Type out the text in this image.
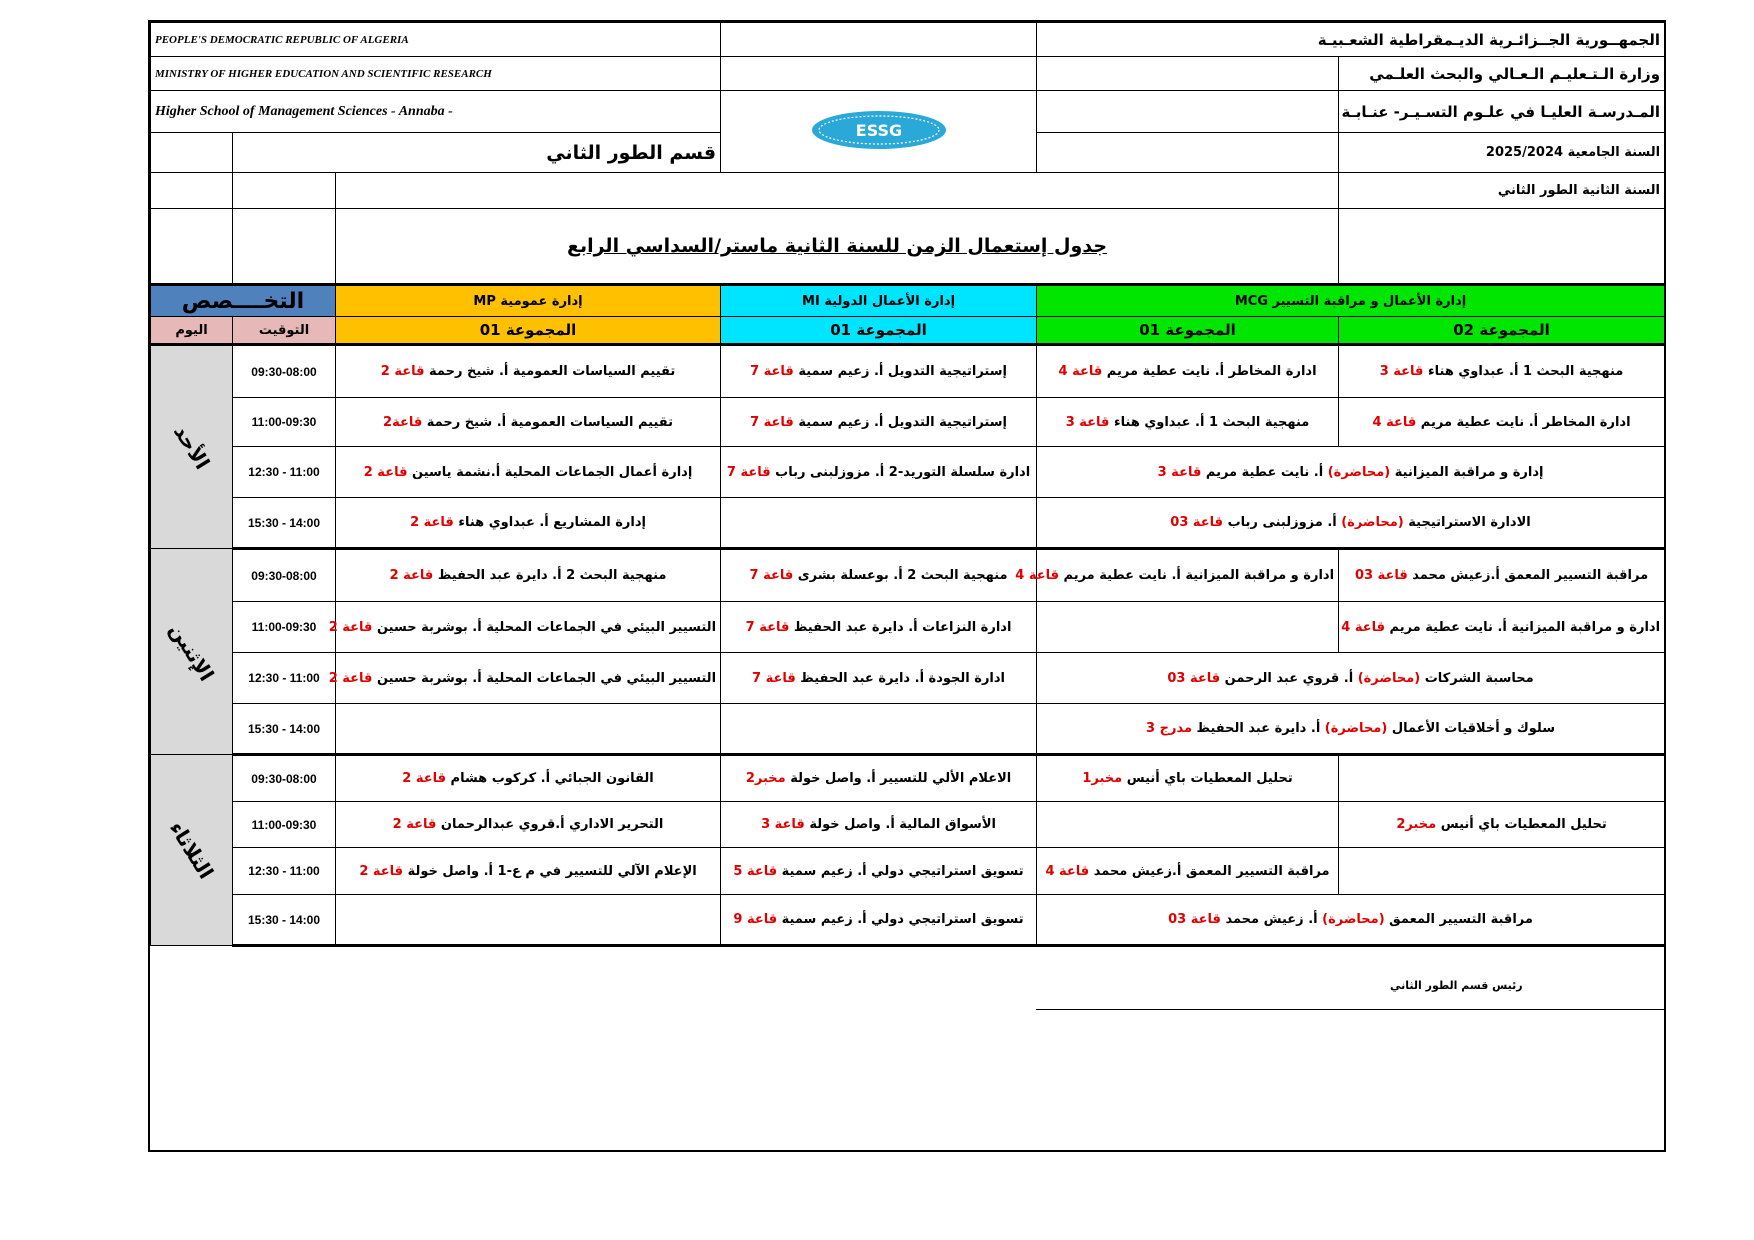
PEOPLE'S DEMOCRATIC REPUBLIC OF ALGERIA				الجمهــورية الجــزائـرية الديـمقراطية الشعـبيـة	
MINISTRY OF HIGHER EDUCATION AND SCIENTIFIC RESEARCH					وزارة الـتـعليـم الـعـالي والبحث العلـمي
Higher School of Management Sciences - Annaba -			ESSG		المـدرسـة العليـا في علـوم التسـيـر- عنـابـة
	قسم الطور الثاني				السنة الجامعية 2025/2024
					السنة الثانية الطور الثاني
		جدول إستعمال الزمن للسنة الثانية ماستر/السداسي الرابع			
التخــــصص		إدارة عمومية MP	إدارة الأعمال الدولية MI	إدارة الأعمال و مراقبة التسيير MCG	
اليوم	التوقيت	المجموعة 01	المجموعة 01	المجموعة 01	المجموعة 02
الأحد	09:30-08:00	تقييم السياسات العمومية أ. شيخ رحمة قاعة 2	إستراتيجية التدويل أ. زعيم سمية قاعة 7	ادارة المخاطر أ. نايت عطية مريم قاعة 4	منهجية البحث 1 أ. عبداوي هناء قاعة 3
	11:00-09:30	تقييم السياسات العمومية أ. شيخ رحمة قاعة2	إستراتيجية التدويل أ. زعيم سمية قاعة 7	منهجية البحث 1 أ. عبداوي هناء قاعة 3	ادارة المخاطر أ. نايت عطية مريم قاعة 4
	12:30 - 11:00	إدارة أعمال الجماعات المحلية أ.نشمة ياسين قاعة 2	ادارة سلسلة التوريد-2 أ. مزوزلبنى رباب قاعة 7	إدارة و مراقبة الميزانية (محاضرة) أ. نايت عطية مريم قاعة 3	
	15:30 - 14:00	إدارة المشاريع أ. عبداوي هناء قاعة 2		الادارة الاستراتيجية (محاضرة) أ. مزوزلبنى رباب قاعة 03	
الإثنين	09:30-08:00	منهجية البحث 2 أ. دايرة عبد الحفيظ قاعة 2	منهجية البحث 2 أ. بوعسلة بشرى قاعة 7	ادارة و مراقبة الميزانية أ. نايت عطية مريم قاعة 4	مراقبة التسيير المعمق أ.زعيش محمد قاعة 03
	11:00-09:30	التسيير البيئي في الجماعات المحلية أ. بوشربة حسين قاعة 2	ادارة النزاعات أ. دايرة عبد الحفيظ قاعة 7		ادارة و مراقبة الميزانية أ. نايت عطية مريم قاعة 4
	12:30 - 11:00	التسيير البيئي في الجماعات المحلية أ. بوشربة حسين قاعة 2	ادارة الجودة أ. دايرة عبد الحفيظ قاعة 7	محاسبة الشركات (محاضرة) أ. قروي عبد الرحمن قاعة 03	
	15:30 - 14:00			سلوك و أخلاقيات الأعمال (محاضرة) أ. دايرة عبد الحفيظ مدرج 3	
الثلاثاء	09:30-08:00	القانون الجبائي أ. كركوب هشام قاعة 2	الاعلام الألي للتسيير أ. واصل خولة مخبر2	تحليل المعطيات باي أنيس مخبر1	
	11:00-09:30	التحرير الاداري أ.قروي عبدالرحمان قاعة 2	الأسواق المالية أ. واصل خولة قاعة 3		تحليل المعطيات باي أنيس مخبر2
	12:30 - 11:00	الإعلام الآلي للتسيير في م ع-1 أ. واصل خولة قاعة 2	تسويق استراتيجي دولي أ. زعيم سمية قاعة 5	مراقبة التسيير المعمق أ.زعيش محمد قاعة 4	
	15:30 - 14:00		تسويق استراتيجي دولي أ. زعيم سمية قاعة 9	مراقبة التسيير المعمق (محاضرة) أ. زعيش محمد قاعة 03	
رئيس قسم الطور الثاني
